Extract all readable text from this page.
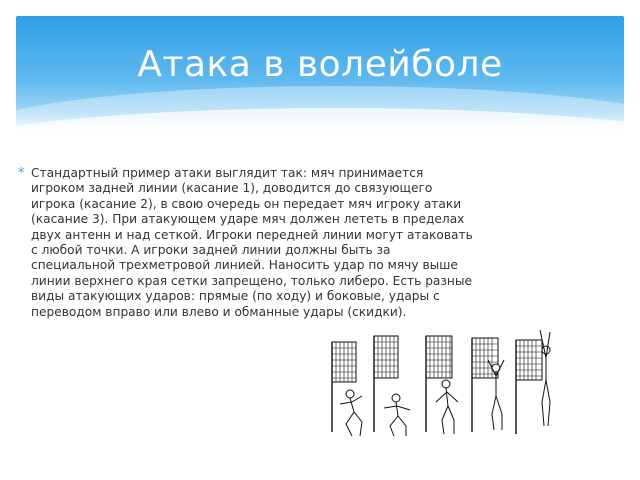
Атака в волейболе
* Стандартный пример атаки выглядит так: мяч принимается игроком задней линии (касание 1), доводится до связующего игрока (касание 2), в свою очередь он передает мяч игроку атаки (касание 3). При атакующем ударе мяч должен лететь в пределах двух антенн и над сеткой. Игроки передней линии могут атаковать с любой точки. А игроки задней линии должны быть за специальной трехметровой линией. Наносить удар по мячу выше линии верхнего края сетки запрещено, только либеро. Есть разные виды атакующих ударов: прямые (по ходу) и боковые, удары с переводом вправо или влево и обманные удары (скидки).
